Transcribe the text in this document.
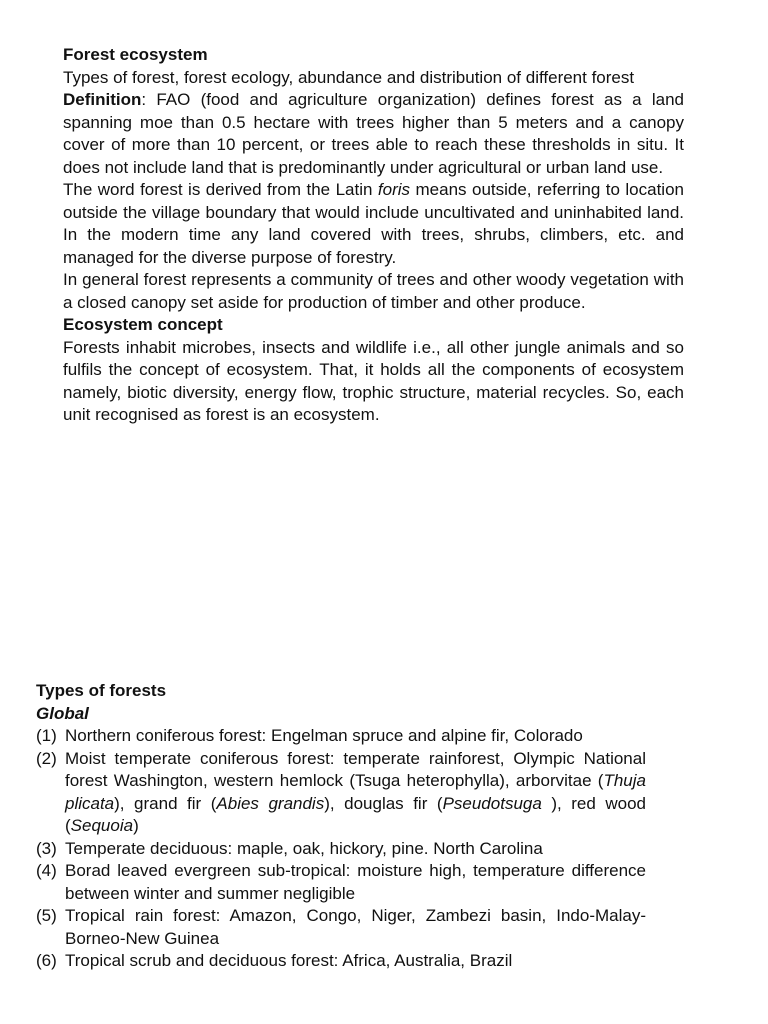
Forest ecosystem

Types of forest, forest ecology, abundance and distribution of different forest

Definition: FAO (food and agriculture organization) defines forest as a land spanning moe than 0.5 hectare with trees higher than 5 meters and a canopy cover of more than 10 percent, or trees able to reach these thresholds in situ. It does not include land that is predominantly under agricultural or urban land use.

The word forest is derived from the Latin foris means outside, referring to location outside the village boundary that would include uncultivated and uninhabited land. In the modern time any land covered with trees, shrubs, climbers, etc. and managed for the diverse purpose of forestry.

In general forest represents a community of trees and other woody vegetation with a closed canopy set aside for production of timber and other produce.

Ecosystem concept

Forests inhabit microbes, insects and wildlife i.e., all other jungle animals and so fulfils the concept of ecosystem. That, it holds all the components of ecosystem namely, biotic diversity, energy flow, trophic structure, material recycles. So, each unit recognised as forest is an ecosystem.

Types of forests

Global

(1) Northern coniferous forest: Engelman spruce and alpine fir, Colorado
(2) Moist temperate coniferous forest: temperate rainforest, Olympic National forest Washington, western hemlock (Tsuga heterophylla), arborvitae (Thuja plicata), grand fir (Abies grandis), douglas fir (Pseudotsuga ), red wood (Sequoia)
(3) Temperate deciduous: maple, oak, hickory, pine. North Carolina
(4) Borad leaved evergreen sub-tropical: moisture high, temperature difference between winter and summer negligible
(5) Tropical rain forest: Amazon, Congo, Niger, Zambezi basin, Indo-Malay-Borneo-New Guinea
(6) Tropical scrub and deciduous forest: Africa, Australia, Brazil
